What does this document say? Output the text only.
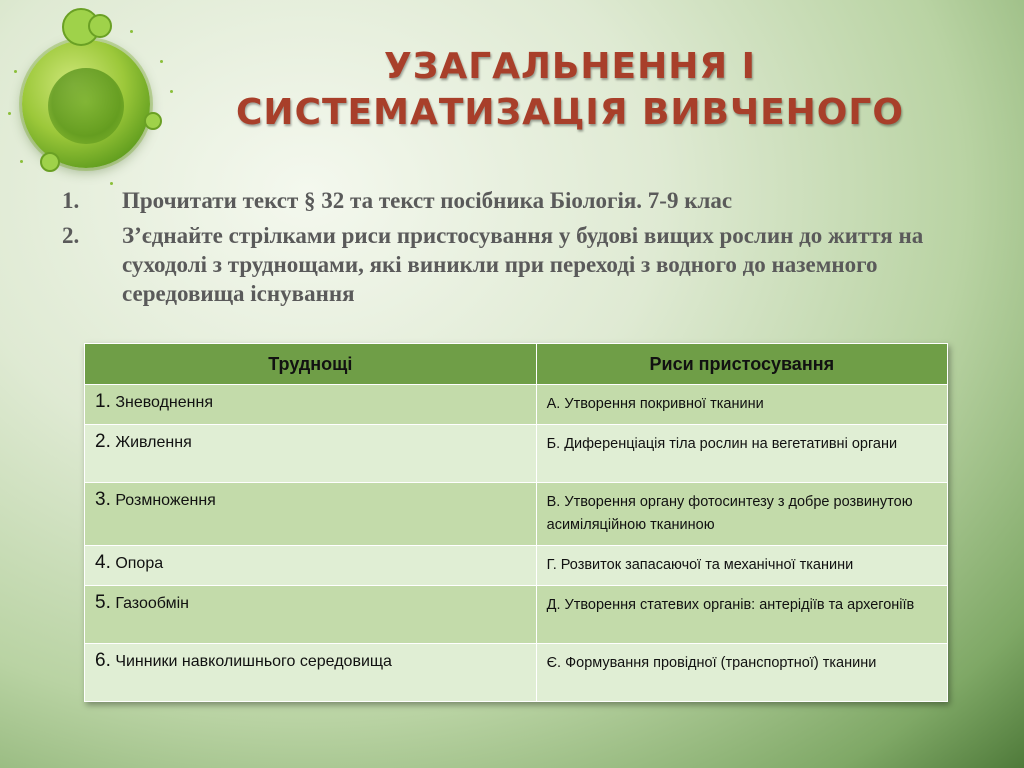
УЗАГАЛЬНЕННЯ І
СИСТЕМАТИЗАЦІЯ ВИВЧЕНОГО
1.	Прочитати текст § 32 та текст посібника Біологія. 7-9 клас
2.	З’єднайте стрілками риси пристосування у будові вищих рослин до життя на суходолі з труднощами, які виникли при переході з водного до наземного середовища існування
Труднощі	Риси пристосування
1. Зневоднення	А. Утворення покривної тканини
2. Живлення	Б. Диференціація тіла рослин на вегетативні органи
3. Розмноження	В. Утворення органу фотосинтезу з добре розвинутою асиміляційною тканиною
4. Опора	Г. Розвиток запасаючої та механічної тканини
5. Газообмін	Д. Утворення статевих органів: антерідіїв та архегоніїв
6. Чинники навколишнього середовища	Є. Формування провідної (транспортної) тканини
